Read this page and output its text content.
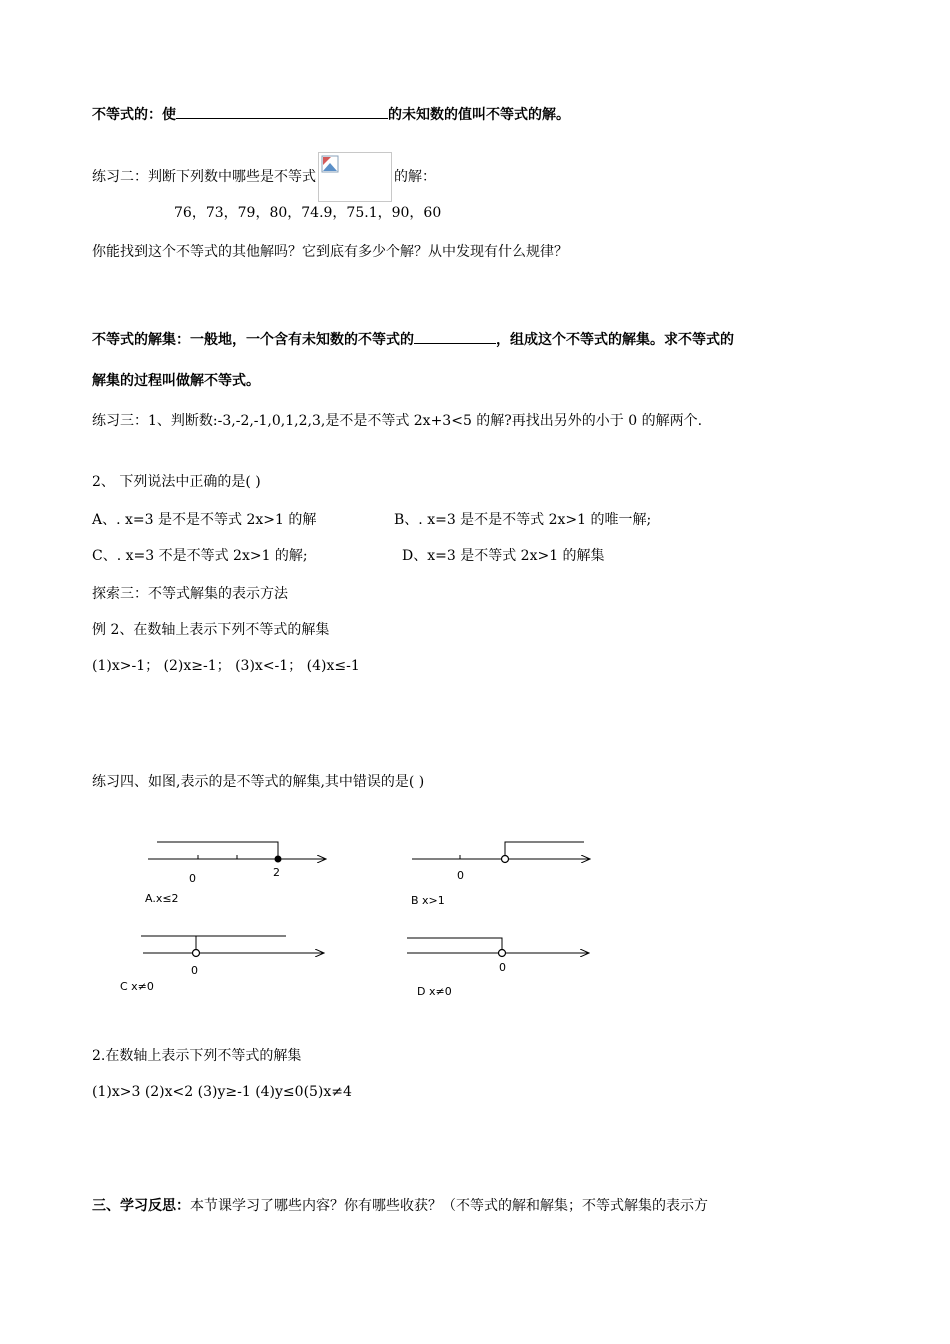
不等式的：使	的未知数的值叫不等式的解。
练习二：判断下列数中哪些是不等式	的解：
76，73，79，80，74.9，75.1，90，60
你能找到这个不等式的其他解吗？它到底有多少个解？从中发现有什么规律？
不等式的解集：一般地，一个含有未知数的不等式的	，组成这个不等式的解集。求不等式的
解集的过程叫做解不等式。
练习三：1、判断数:-3,-2,-1,0,1,2,3,是不是不等式 2x+3<5 的解?再找出另外的小于 0 的解两个.
2、 下列说法中正确的是( )
A、. x=3 是不是不等式 2x>1 的解	B、. x=3 是不是不等式 2x>1 的唯一解;
C、. x=3 不是不等式 2x>1 的解;	D、x=3 是不等式 2x>1 的解集
探索三：不等式解集的表示方法
例 2、在数轴上表示下列不等式的解集
(1)x>-1； (2)x≥-1； (3)x<-1； (4)x≤-1
练习四、如图,表示的是不等式的解集,其中错误的是( )
0	2
A.x≤2
0
B x>1
0
C x≠0
0
D x≠0
2.在数轴上表示下列不等式的解集
(1)x>3 (2)x<2 (3)y≥-1 (4)y≤0(5)x≠4
三、学习反思：本节课学习了哪些内容？你有哪些收获？（不等式的解和解集；不等式解集的表示方
